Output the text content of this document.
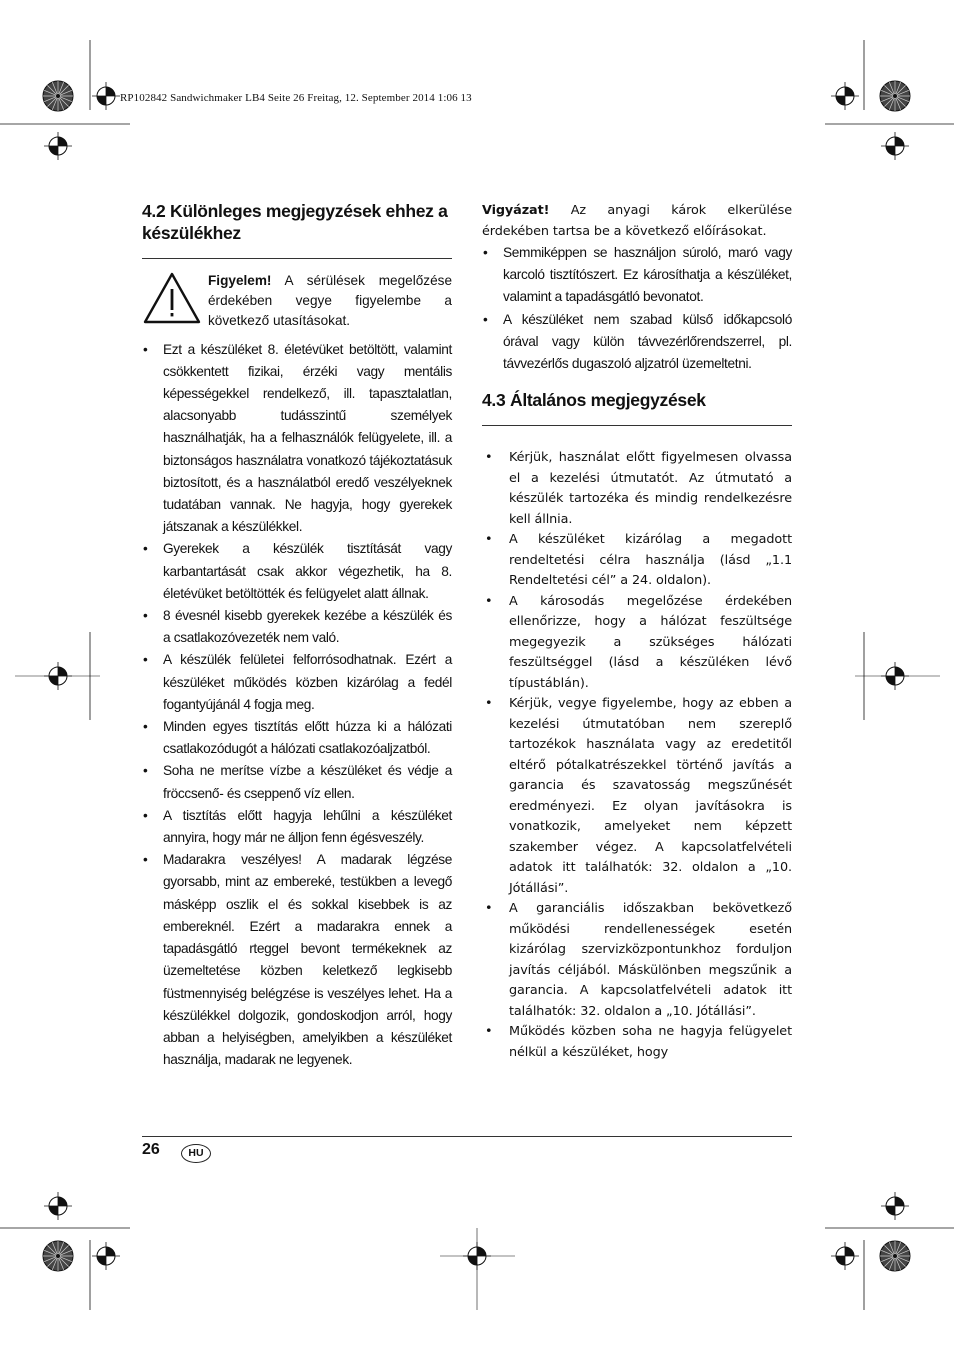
RP102842 Sandwichmaker LB4 Seite 26 Freitag, 12. September 2014 1:06 13
4.2 Különleges megjegyzések ehhez a készülékhez
Figyelem! A sérülések megelőzése érdekében vegye figyelembe a következő utasításokat.
• Ezt a készüléket 8. életévüket betöltött, valamint csökkentett fizikai, érzéki vagy mentális képességekkel rendelkező, ill. tapasztalatlan, alacsonyabb tudásszintű személyek használhatják, ha a felhasználók felügyelete, ill. a biztonságos használatra vonatkozó tájékoztatásuk biztosított, és a használatból eredő veszélyeknek tudatában vannak. Ne hagyja, hogy gyerekek játszanak a készülékkel.
• Gyerekek a készülék tisztítását vagy karbantartását csak akkor végezhetik, ha 8. életévüket betöltötték és felügyelet alatt állnak.
• 8 évesnél kisebb gyerekek kezébe a készülék és a csatlakozóvezeték nem való.
• A készülék felületei felforrósodhatnak. Ezért a készüléket működés közben kizárólag a fedél fogantyújánál 4 fogja meg.
• Minden egyes tisztítás előtt húzza ki a hálózati csatlakozódugót a hálózati csatlakozóaljzatból.
• Soha ne merítse vízbe a készüléket és védje a fröccsenő- és cseppenő víz ellen.
• A tisztítás előtt hagyja lehűlni a készüléket annyira, hogy már ne álljon fenn égésveszély.
• Madarakra veszélyes! A madarak légzése gyorsabb, mint az embereké, testükben a levegő másképp oszlik el és sokkal kisebbek is az embereknél. Ezért a madarakra ennek a tapadásgátló rteggel bevont termékeknek az üzemeltetése közben keletkező legkisebb füstmennyiség belégzése is veszélyes lehet. Ha a készülékkel dolgozik, gondoskodjon arról, hogy abban a helyiségben, amelyikben a készüléket használja, madarak ne legyenek.

Vigyázat! Az anyagi károk elkerülése érdekében tartsa be a következő előírásokat.

• Semmiképpen se használjon súroló, maró vagy karcoló tisztítószert. Ez károsíthatja a készüléket, valamint a tapadásgátló bevonatot.
• A készüléket nem szabad külső időkapcsoló órával vagy külön távvezérlőrendszerrel, pl. távvezérlős dugaszoló aljzatról üzemeltetni.
4.3 Általános megjegyzések
• Kérjük, használat előtt figyelmesen olvassa el a kezelési útmutatót. Az útmutató a készülék tartozéka és mindig rendelkezésre kell állnia.
• A készüléket kizárólag a megadott rendeltetési célra használja (lásd „1.1 Rendeltetési cél” a 24. oldalon).
• A károsodás megelőzése érdekében ellenőrizze, hogy a hálózat feszültsége megegyezik a szükséges hálózati feszültséggel (lásd a készüléken lévő típustáblán).
• Kérjük, vegye figyelembe, hogy az ebben a kezelési útmutatóban nem szereplő tartozékok használata vagy az eredetitől eltérő pótalkatrészekkel történő javítás a garancia és szavatosság megszűnését eredményezi. Ez olyan javításokra is vonatkozik, amelyeket nem képzett szakember végez. A kapcsolatfelvételi adatok itt találhatók: 32. oldalon a „10. Jótállási”.
• A garanciális időszakban bekövetkező működési rendellenességek esetén kizárólag szervizközpontunkhoz forduljon javítás céljából. Máskülönben megszűnik a garancia. A kapcsolatfelvételi adatok itt találhatók: 32. oldalon a „10. Jótállási”.
• Működés közben soha ne hagyja felügyelet nélkül a készüléket, hogy
26	HU
